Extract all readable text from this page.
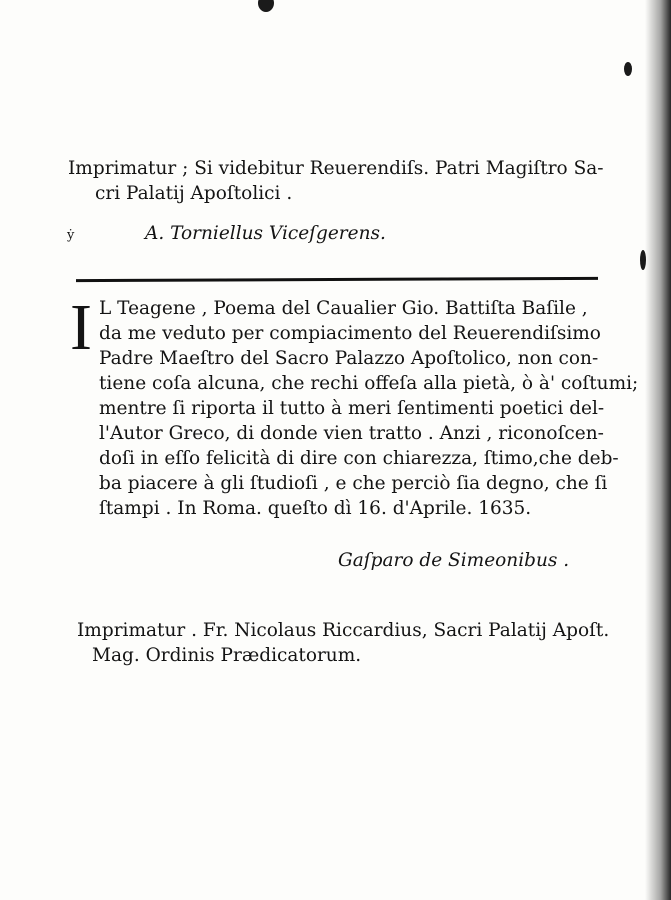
Imprimatur ; Si videbitur Reuerendiſs. Patri Magiſtro Sa-
cri Palatij Apoſtolici .
ẏ	A. Torniellus Viceſgerens.
I L Teagene , Poema del Caualier Gio. Battiſta Baſile ,
da me veduto per compiacimento del Reuerendiſsimo
Padre Maeſtro del Sacro Palazzo Apoſtolico, non con-
tiene coſa alcuna, che rechi offeſa alla pietà, ò à' coſtumi;
mentre ſi riporta il tutto à meri ſentimenti poetici del-
l'Autor Greco, di donde vien tratto . Anzi , riconoſcen-
doſi in eſſo felicità di dire con chiarezza, ſtimo,che deb-
ba piacere à gli ſtudioſi , e che perciò ſia degno, che ſi
ſtampi . In Roma. queſto dì 16. d'Aprile. 1635.
Gaſparo de Simeonibus .
Imprimatur . Fr. Nicolaus Riccardius, Sacri Palatij Apoſt.
Mag. Ordinis Prædicatorum.
